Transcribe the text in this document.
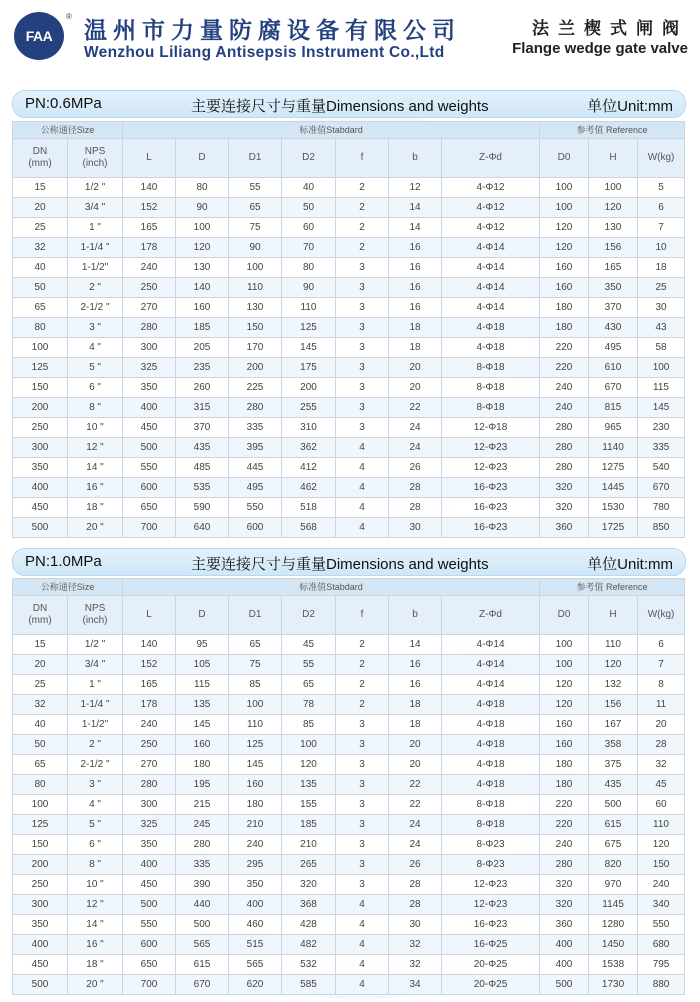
FAA
®
温州市力量防腐设备有限公司
Wenzhou Liliang Antisepsis Instrument Co.,Ltd
法兰楔式闸阀
Flange wedge gate valve
PN:0.6MPa	主要连接尺寸与重量Dimensions and weights	单位Unit:mm
公称通径Size		标准值Stabdard							参考值 Reference		
DN
(mm)	NPS
(inch)	L	D	D1	D2	f	b	Z-Φd	D0	H	W(kg)
15	1/2 "	140	80	55	40	2	12	4-Φ12	100	100	5
20	3/4 "	152	90	65	50	2	14	4-Φ12	100	120	6
25	1 "	165	100	75	60	2	14	4-Φ12	120	130	7
32	1-1/4 "	178	120	90	70	2	16	4-Φ14	120	156	10
40	1-1/2"	240	130	100	80	3	16	4-Φ14	160	165	18
50	2 "	250	140	110	90	3	16	4-Φ14	160	350	25
65	2-1/2 "	270	160	130	110	3	16	4-Φ14	180	370	30
80	3 "	280	185	150	125	3	18	4-Φ18	180	430	43
100	4 "	300	205	170	145	3	18	4-Φ18	220	495	58
125	5 "	325	235	200	175	3	20	8-Φ18	220	610	100
150	6 "	350	260	225	200	3	20	8-Φ18	240	670	115
200	8 "	400	315	280	255	3	22	8-Φ18	240	815	145
250	10 "	450	370	335	310	3	24	12-Φ18	280	965	230
300	12 "	500	435	395	362	4	24	12-Φ23	280	1140	335
350	14 "	550	485	445	412	4	26	12-Φ23	280	1275	540
400	16 "	600	535	495	462	4	28	16-Φ23	320	1445	670
450	18 "	650	590	550	518	4	28	16-Φ23	320	1530	780
500	20 "	700	640	600	568	4	30	16-Φ23	360	1725	850
PN:1.0MPa	主要连接尺寸与重量Dimensions and weights	单位Unit:mm
公称通径Size		标准值Stabdard							参考值 Reference		
DN
(mm)	NPS
(inch)	L	D	D1	D2	f	b	Z-Φd	D0	H	W(kg)
15	1/2 "	140	95	65	45	2	14	4-Φ14	100	110	6
20	3/4 "	152	105	75	55	2	16	4-Φ14	100	120	7
25	1 "	165	115	85	65	2	16	4-Φ14	120	132	8
32	1-1/4 "	178	135	100	78	2	18	4-Φ18	120	156	11
40	1-1/2"	240	145	110	85	3	18	4-Φ18	160	167	20
50	2 "	250	160	125	100	3	20	4-Φ18	160	358	28
65	2-1/2 "	270	180	145	120	3	20	4-Φ18	180	375	32
80	3 "	280	195	160	135	3	22	4-Φ18	180	435	45
100	4 "	300	215	180	155	3	22	8-Φ18	220	500	60
125	5 "	325	245	210	185	3	24	8-Φ18	220	615	110
150	6 "	350	280	240	210	3	24	8-Φ23	240	675	120
200	8 "	400	335	295	265	3	26	8-Φ23	280	820	150
250	10 "	450	390	350	320	3	28	12-Φ23	320	970	240
300	12 "	500	440	400	368	4	28	12-Φ23	320	1145	340
350	14 "	550	500	460	428	4	30	16-Φ23	360	1280	550
400	16 "	600	565	515	482	4	32	16-Φ25	400	1450	680
450	18 "	650	615	565	532	4	32	20-Φ25	400	1538	795
500	20 "	700	670	620	585	4	34	20-Φ25	500	1730	880
